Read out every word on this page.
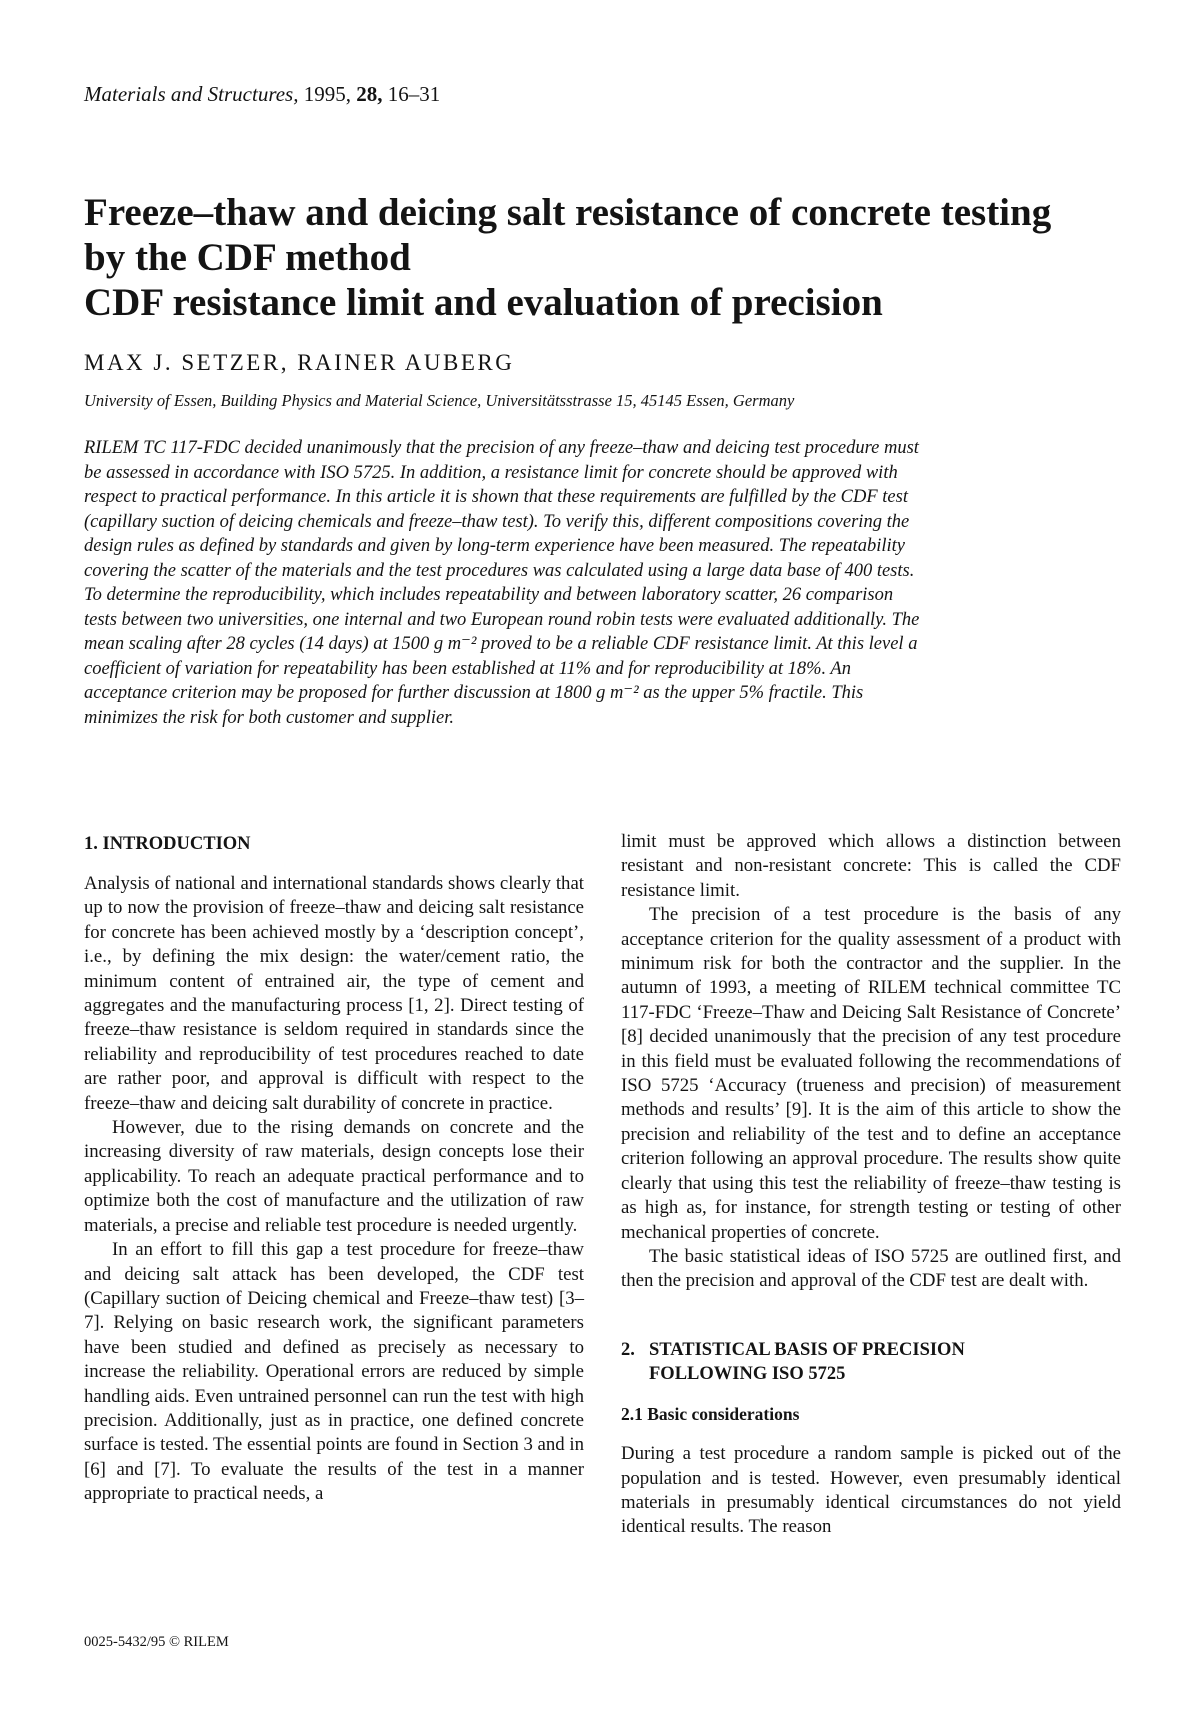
Materials and Structures, 1995, 28, 16–31
Freeze–thaw and deicing salt resistance of concrete testing
by the CDF method
CDF resistance limit and evaluation of precision
MAX J. SETZER, RAINER AUBERG
University of Essen, Building Physics and Material Science, Universitätsstrasse 15, 45145 Essen, Germany

RILEM TC 117-FDC decided unanimously that the precision of any freeze–thaw and deicing test procedure must be assessed in accordance with ISO 5725. In addition, a resistance limit for concrete should be approved with respect to practical performance. In this article it is shown that these requirements are fulfilled by the CDF test (capillary suction of deicing chemicals and freeze–thaw test). To verify this, different compositions covering the design rules as defined by standards and given by long-term experience have been measured. The repeatability covering the scatter of the materials and the test procedures was calculated using a large data base of 400 tests. To determine the reproducibility, which includes repeatability and between laboratory scatter, 26 comparison tests between two universities, one internal and two European round robin tests were evaluated additionally. The mean scaling after 28 cycles (14 days) at 1500 g m⁻² proved to be a reliable CDF resistance limit. At this level a coefficient of variation for repeatability has been established at 11% and for reproducibility at 18%. An acceptance criterion may be proposed for further discussion at 1800 g m⁻² as the upper 5% fractile. This minimizes the risk for both customer and supplier.

1. INTRODUCTION

Analysis of national and international standards shows clearly that up to now the provision of freeze–thaw and deicing salt resistance for concrete has been achieved mostly by a ‘description concept’, i.e., by defining the mix design: the water/cement ratio, the minimum content of entrained air, the type of cement and aggregates and the manufacturing process [1, 2]. Direct testing of freeze–thaw resistance is seldom required in standards since the reliability and reproducibility of test procedures reached to date are rather poor, and approval is difficult with respect to the freeze–thaw and deicing salt durability of concrete in practice.

However, due to the rising demands on concrete and the increasing diversity of raw materials, design concepts lose their applicability. To reach an adequate practical performance and to optimize both the cost of manufacture and the utilization of raw materials, a precise and reliable test procedure is needed urgently.

In an effort to fill this gap a test procedure for freeze–thaw and deicing salt attack has been developed, the CDF test (Capillary suction of Deicing chemical and Freeze–thaw test) [3–7]. Relying on basic research work, the significant parameters have been studied and defined as precisely as necessary to increase the reliability. Operational errors are reduced by simple handling aids. Even untrained personnel can run the test with high precision. Additionally, just as in practice, one defined concrete surface is tested. The essential points are found in Section 3 and in [6] and [7]. To evaluate the results of the test in a manner appropriate to practical needs, a

limit must be approved which allows a distinction between resistant and non-resistant concrete: This is called the CDF resistance limit.

The precision of a test procedure is the basis of any acceptance criterion for the quality assessment of a product with minimum risk for both the contractor and the supplier. In the autumn of 1993, a meeting of RILEM technical committee TC 117-FDC ‘Freeze–Thaw and Deicing Salt Resistance of Concrete’ [8] decided unanimously that the precision of any test procedure in this field must be evaluated following the recommendations of ISO 5725 ‘Accuracy (trueness and precision) of measurement methods and results’ [9]. It is the aim of this article to show the precision and reliability of the test and to define an acceptance criterion following an approval procedure. The results show quite clearly that using this test the reliability of freeze–thaw testing is as high as, for instance, for strength testing or testing of other mechanical properties of concrete.

The basic statistical ideas of ISO 5725 are outlined first, and then the precision and approval of the CDF test are dealt with.

2. STATISTICAL BASIS OF PRECISION
FOLLOWING ISO 5725
2.1 Basic considerations

During a test procedure a random sample is picked out of the population and is tested. However, even presumably identical materials in presumably identical circumstances do not yield identical results. The reason

0025-5432/95 © RILEM
